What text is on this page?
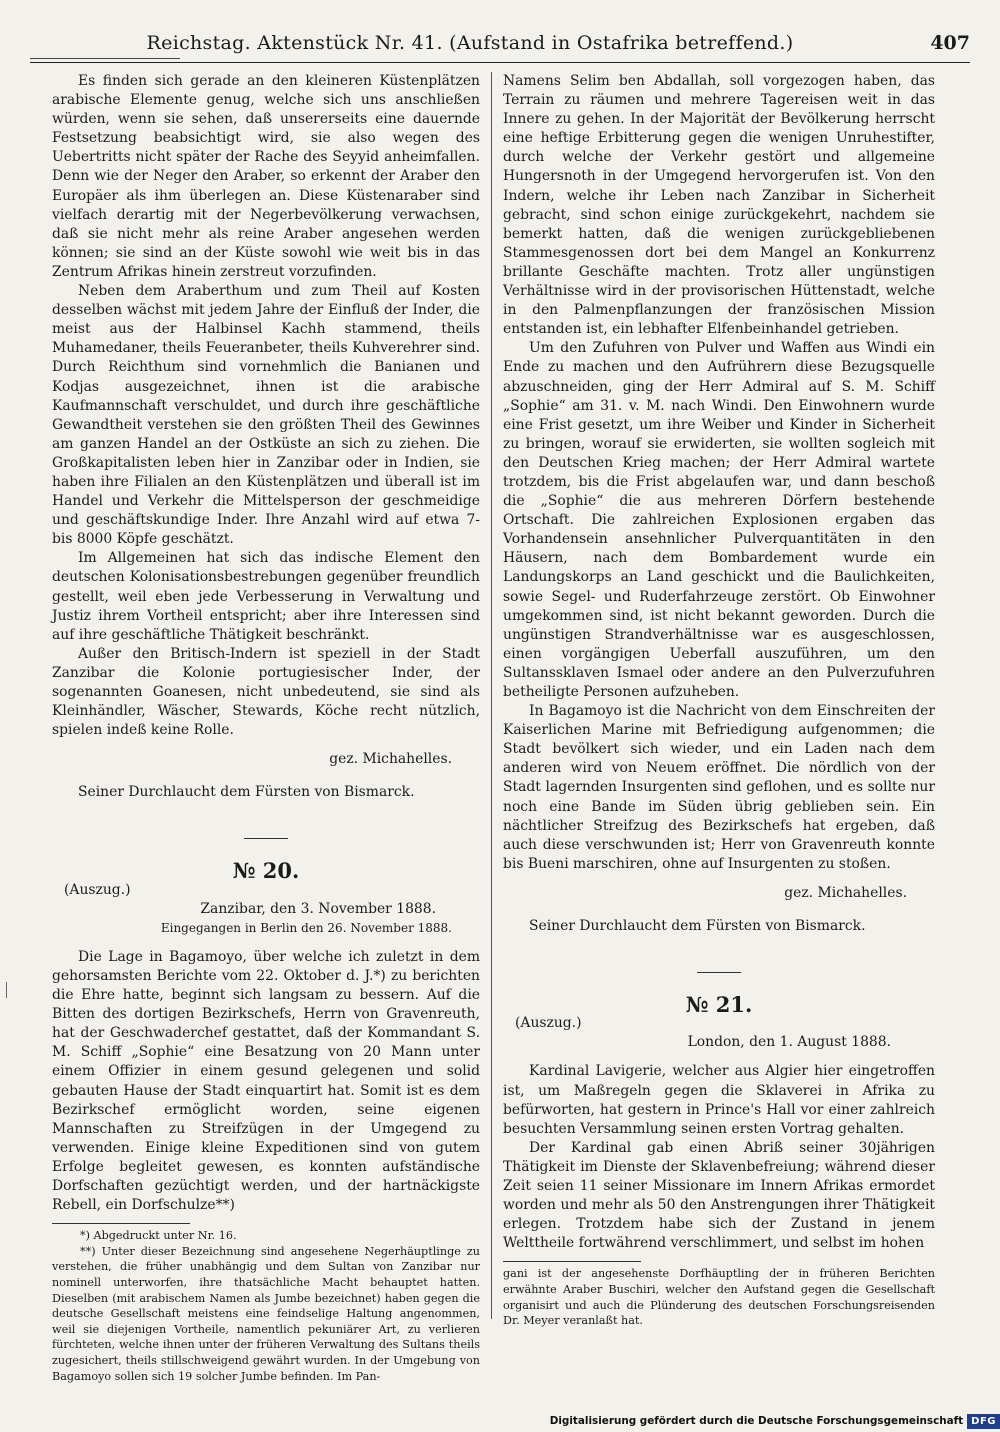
Reichstag. Aktenstück Nr. 41. (Aufstand in Ostafrika betreffend.)	407

Es finden sich gerade an den kleineren Küstenplätzen arabische Elemente genug, welche sich uns anschließen würden, wenn sie sehen, daß unsererseits eine dauernde Festsetzung beabsichtigt wird, sie also wegen des Uebertritts nicht später der Rache des Seyyid anheimfallen. Denn wie der Neger den Araber, so erkennt der Araber den Europäer als ihm überlegen an. Diese Küstenaraber sind vielfach derartig mit der Negerbevölkerung verwachsen, daß sie nicht mehr als reine Araber angesehen werden können; sie sind an der Küste sowohl wie weit bis in das Zentrum Afrikas hinein zerstreut vorzufinden.

Neben dem Araberthum und zum Theil auf Kosten desselben wächst mit jedem Jahre der Einfluß der Inder, die meist aus der Halbinsel Kachh stammend, theils Muhamedaner, theils Feueranbeter, theils Kuhverehrer sind. Durch Reichthum sind vornehmlich die Banianen und Kodjas ausgezeichnet, ihnen ist die arabische Kaufmannschaft verschuldet, und durch ihre geschäftliche Gewandtheit verstehen sie den größten Theil des Gewinnes am ganzen Handel an der Ostküste an sich zu ziehen. Die Großkapitalisten leben hier in Zanzibar oder in Indien, sie haben ihre Filialen an den Küstenplätzen und überall ist im Handel und Verkehr die Mittelsperson der geschmeidige und geschäftskundige Inder. Ihre Anzahl wird auf etwa 7- bis 8000 Köpfe geschätzt.

Im Allgemeinen hat sich das indische Element den deutschen Kolonisationsbestrebungen gegenüber freundlich gestellt, weil eben jede Verbesserung in Verwaltung und Justiz ihrem Vortheil entspricht; aber ihre Interessen sind auf ihre geschäftliche Thätigkeit beschränkt.

Außer den Britisch-Indern ist speziell in der Stadt Zanzibar die Kolonie portugiesischer Inder, der sogenannten Goanesen, nicht unbedeutend, sie sind als Kleinhändler, Wäscher, Stewards, Köche recht nützlich, spielen indeß keine Rolle.

gez. Michahelles.

Seiner Durchlaucht dem Fürsten von Bismarck.

№ 20.

(Auszug.)

Zanzibar, den 3. November 1888.

Eingegangen in Berlin den 26. November 1888.

Die Lage in Bagamoyo, über welche ich zuletzt in dem gehorsamsten Berichte vom 22. Oktober d. J.*) zu berichten die Ehre hatte, beginnt sich langsam zu bessern. Auf die Bitten des dortigen Bezirkschefs, Herrn von Gravenreuth, hat der Geschwaderchef gestattet, daß der Kommandant S. M. Schiff „Sophie“ eine Besatzung von 20 Mann unter einem Offizier in einem gesund gelegenen und solid gebauten Hause der Stadt einquartirt hat. Somit ist es dem Bezirkschef ermöglicht worden, seine eigenen Mannschaften zu Streifzügen in der Umgegend zu verwenden. Einige kleine Expeditionen sind von gutem Erfolge begleitet gewesen, es konnten aufständische Dorfschaften gezüchtigt werden, und der hartnäckigste Rebell, ein Dorfschulze**)

*) Abgedruckt unter Nr. 16.

**) Unter dieser Bezeichnung sind angesehene Negerhäuptlinge zu verstehen, die früher unabhängig und dem Sultan von Zanzibar nur nominell unterworfen, ihre thatsächliche Macht behauptet hatten. Dieselben (mit arabischem Namen als Jumbe bezeichnet) haben gegen die deutsche Gesellschaft meistens eine feindselige Haltung angenommen, weil sie diejenigen Vortheile, namentlich pekuniärer Art, zu verlieren fürchteten, welche ihnen unter der früheren Verwaltung des Sultans theils zugesichert, theils stillschweigend gewährt wurden. In der Umgebung von Bagamoyo sollen sich 19 solcher Jumbe befinden. Im Pan-

Namens Selim ben Abdallah, soll vorgezogen haben, das Terrain zu räumen und mehrere Tagereisen weit in das Innere zu gehen. In der Majorität der Bevölkerung herrscht eine heftige Erbitterung gegen die wenigen Unruhestifter, durch welche der Verkehr gestört und allgemeine Hungersnoth in der Umgegend hervorgerufen ist. Von den Indern, welche ihr Leben nach Zanzibar in Sicherheit gebracht, sind schon einige zurückgekehrt, nachdem sie bemerkt hatten, daß die wenigen zurückgebliebenen Stammesgenossen dort bei dem Mangel an Konkurrenz brillante Geschäfte machten. Trotz aller ungünstigen Verhältnisse wird in der provisorischen Hüttenstadt, welche in den Palmenpflanzungen der französischen Mission entstanden ist, ein lebhafter Elfenbeinhandel getrieben.

Um den Zufuhren von Pulver und Waffen aus Windi ein Ende zu machen und den Aufrührern diese Bezugsquelle abzuschneiden, ging der Herr Admiral auf S. M. Schiff „Sophie“ am 31. v. M. nach Windi. Den Einwohnern wurde eine Frist gesetzt, um ihre Weiber und Kinder in Sicherheit zu bringen, worauf sie erwiderten, sie wollten sogleich mit den Deutschen Krieg machen; der Herr Admiral wartete trotzdem, bis die Frist abgelaufen war, und dann beschoß die „Sophie“ die aus mehreren Dörfern bestehende Ortschaft. Die zahlreichen Explosionen ergaben das Vorhandensein ansehnlicher Pulverquantitäten in den Häusern, nach dem Bombardement wurde ein Landungskorps an Land geschickt und die Baulichkeiten, sowie Segel- und Ruderfahrzeuge zerstört. Ob Einwohner umgekommen sind, ist nicht bekannt geworden. Durch die ungünstigen Strandverhältnisse war es ausgeschlossen, einen vorgängigen Ueberfall auszuführen, um den Sultanssklaven Ismael oder andere an den Pulverzufuhren betheiligte Personen aufzuheben.

In Bagamoyo ist die Nachricht von dem Einschreiten der Kaiserlichen Marine mit Befriedigung aufgenommen; die Stadt bevölkert sich wieder, und ein Laden nach dem anderen wird von Neuem eröffnet. Die nördlich von der Stadt lagernden Insurgenten sind geflohen, und es sollte nur noch eine Bande im Süden übrig geblieben sein. Ein nächtlicher Streifzug des Bezirkschefs hat ergeben, daß auch diese verschwunden ist; Herr von Gravenreuth konnte bis Bueni marschiren, ohne auf Insurgenten zu stoßen.

gez. Michahelles.

Seiner Durchlaucht dem Fürsten von Bismarck.

№ 21.

(Auszug.)

London, den 1. August 1888.

Kardinal Lavigerie, welcher aus Algier hier eingetroffen ist, um Maßregeln gegen die Sklaverei in Afrika zu befürworten, hat gestern in Prince's Hall vor einer zahlreich besuchten Versammlung seinen ersten Vortrag gehalten.

Der Kardinal gab einen Abriß seiner 30jährigen Thätigkeit im Dienste der Sklavenbefreiung; während dieser Zeit seien 11 seiner Missionare im Innern Afrikas ermordet worden und mehr als 50 den Anstrengungen ihrer Thätigkeit erlegen. Trotzdem habe sich der Zustand in jenem Welttheile fortwährend verschlimmert, und selbst im hohen

gani ist der angesehenste Dorfhäuptling der in früheren Berichten erwähnte Araber Buschiri, welcher den Aufstand gegen die Gesellschaft organisirt und auch die Plünderung des deutschen Forschungsreisenden Dr. Meyer veranlaßt hat.

Digitalisierung gefördert durch die Deutsche Forschungsgemeinschaft DFG
